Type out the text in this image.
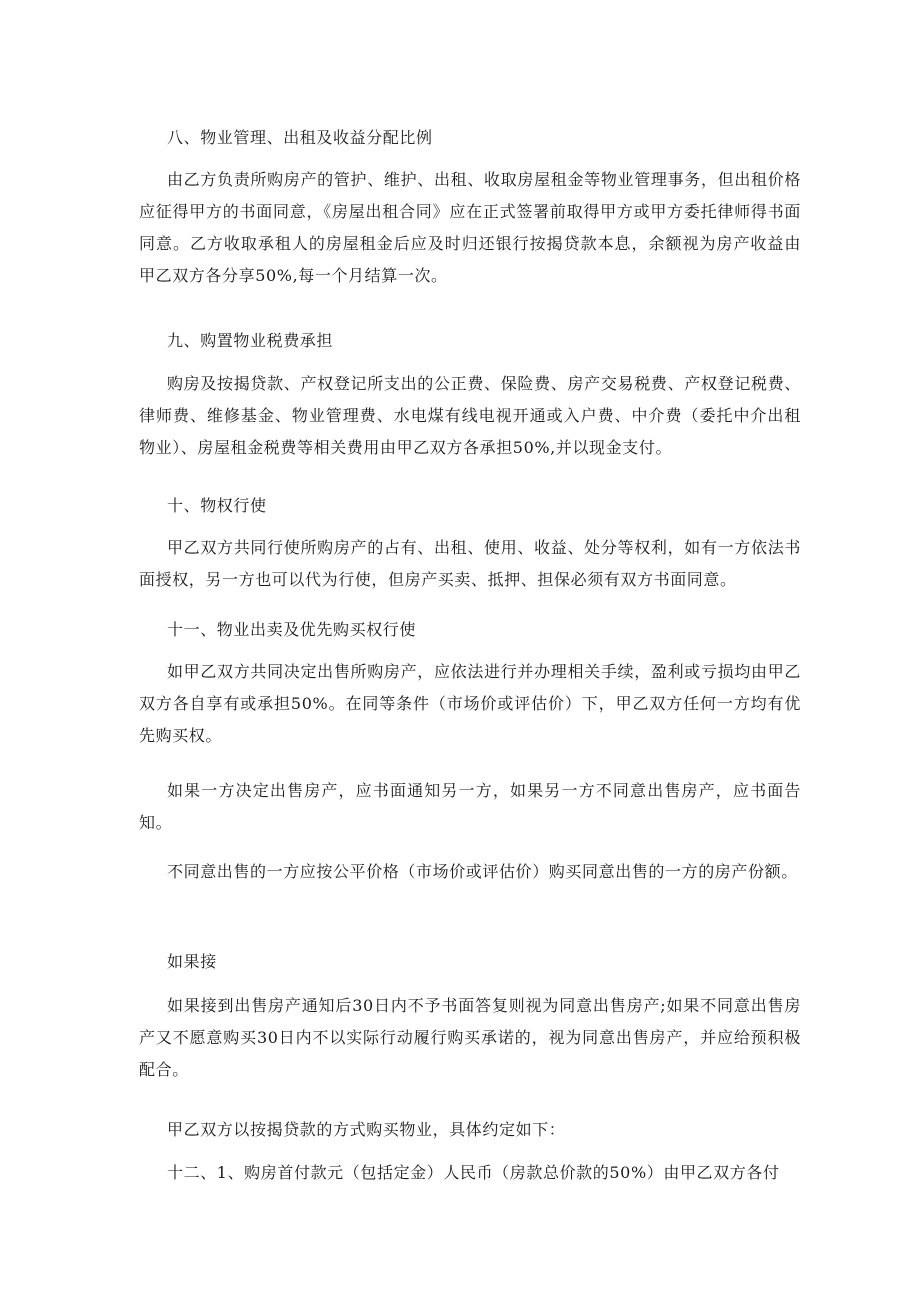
八、物业管理、出租及收益分配比例

由乙方负责所购房产的管护、维护、出租、收取房屋租金等物业管理事务，但出租价格应征得甲方的书面同意，《房屋出租合同》应在正式签署前取得甲方或甲方委托律师得书面同意。乙方收取承租人的房屋租金后应及时归还银行按揭贷款本息，余额视为房产收益由甲乙双方各分享50%,每一个月结算一次。

九、购置物业税费承担

购房及按揭贷款、产权登记所支出的公正费、保险费、房产交易税费、产权登记税费、律师费、维修基金、物业管理费、水电煤有线电视开通或入户费、中介费（委托中介出租物业）、房屋租金税费等相关费用由甲乙双方各承担50%,并以现金支付。

十、物权行使

甲乙双方共同行使所购房产的占有、出租、使用、收益、处分等权利，如有一方依法书面授权，另一方也可以代为行使，但房产买卖、抵押、担保必须有双方书面同意。

十一、物业出卖及优先购买权行使

如甲乙双方共同决定出售所购房产，应依法进行并办理相关手续，盈利或亏损均由甲乙双方各自享有或承担50%。在同等条件（市场价或评估价）下，甲乙双方任何一方均有优先购买权。

如果一方决定出售房产，应书面通知另一方，如果另一方不同意出售房产，应书面告知。

不同意出售的一方应按公平价格（市场价或评估价）购买同意出售的一方的房产份额。

如果接

如果接到出售房产通知后30日内不予书面答复则视为同意出售房产;如果不同意出售房产又不愿意购买30日内不以实际行动履行购买承诺的，视为同意出售房产，并应给预积极配合。

甲乙双方以按揭贷款的方式购买物业，具体约定如下：

十二、1、购房首付款元（包括定金）人民币（房款总价款的50%）由甲乙双方各付
